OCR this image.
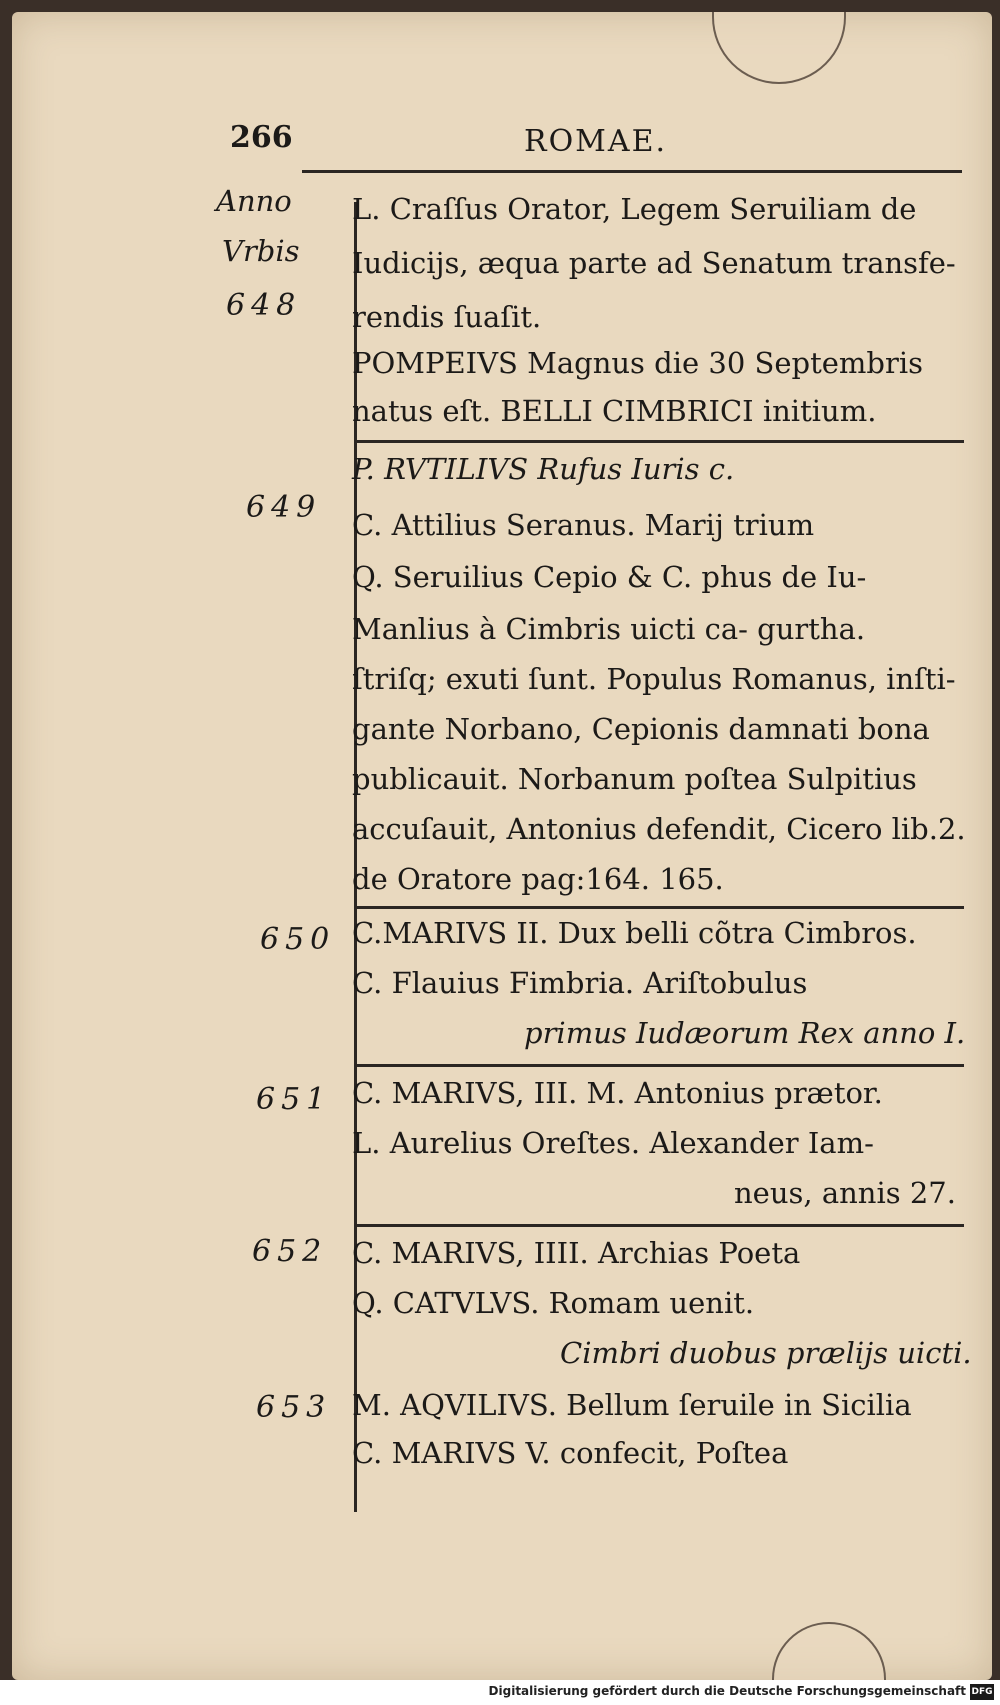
266	ROMAE.
Anno
Vrbis
648
L. Craſſus Orator, Legem Seruiliam de
Iudicijs, æqua parte ad Senatum transfe-
rendis ſuaſit.
POMPEIVS Magnus die 30 Septembris
natus eſt. BELLI CIMBRICI initium.
649
P. RVTILIVS Rufus Iuris c.
C. Attilius Seranus. Marij trium
Q. Seruilius Cepio & C. phus de Iu-
Manlius à Cimbris uicti ca- gurtha.
ſtriſq; exuti ſunt. Populus Romanus, inſti-
gante Norbano, Cepionis damnati bona
publicauit. Norbanum poſtea Sulpitius
accuſauit, Antonius defendit, Cicero lib.2.
de Oratore pag:164. 165.
650 C.MARIVS II. Dux belli cõtra Cimbros.
C. Flauius Fimbria. Ariſtobulus
primus Iudæorum Rex anno I.
651 C. MARIVS, III. M. Antonius prætor.
L. Aurelius Oreſtes. Alexander Iam-
neus, annis 27.
652 C. MARIVS, IIII. Archias Poeta
Q. CATVLVS. Romam uenit.
Cimbri duobus prælijs uicti.
653 M. AQVILIVS. Bellum ſeruile in Sicilia
C. MARIVS V. confecit, Poſtea
Digitalisierung gefördert durch die Deutsche Forschungsgemeinschaft DFG
